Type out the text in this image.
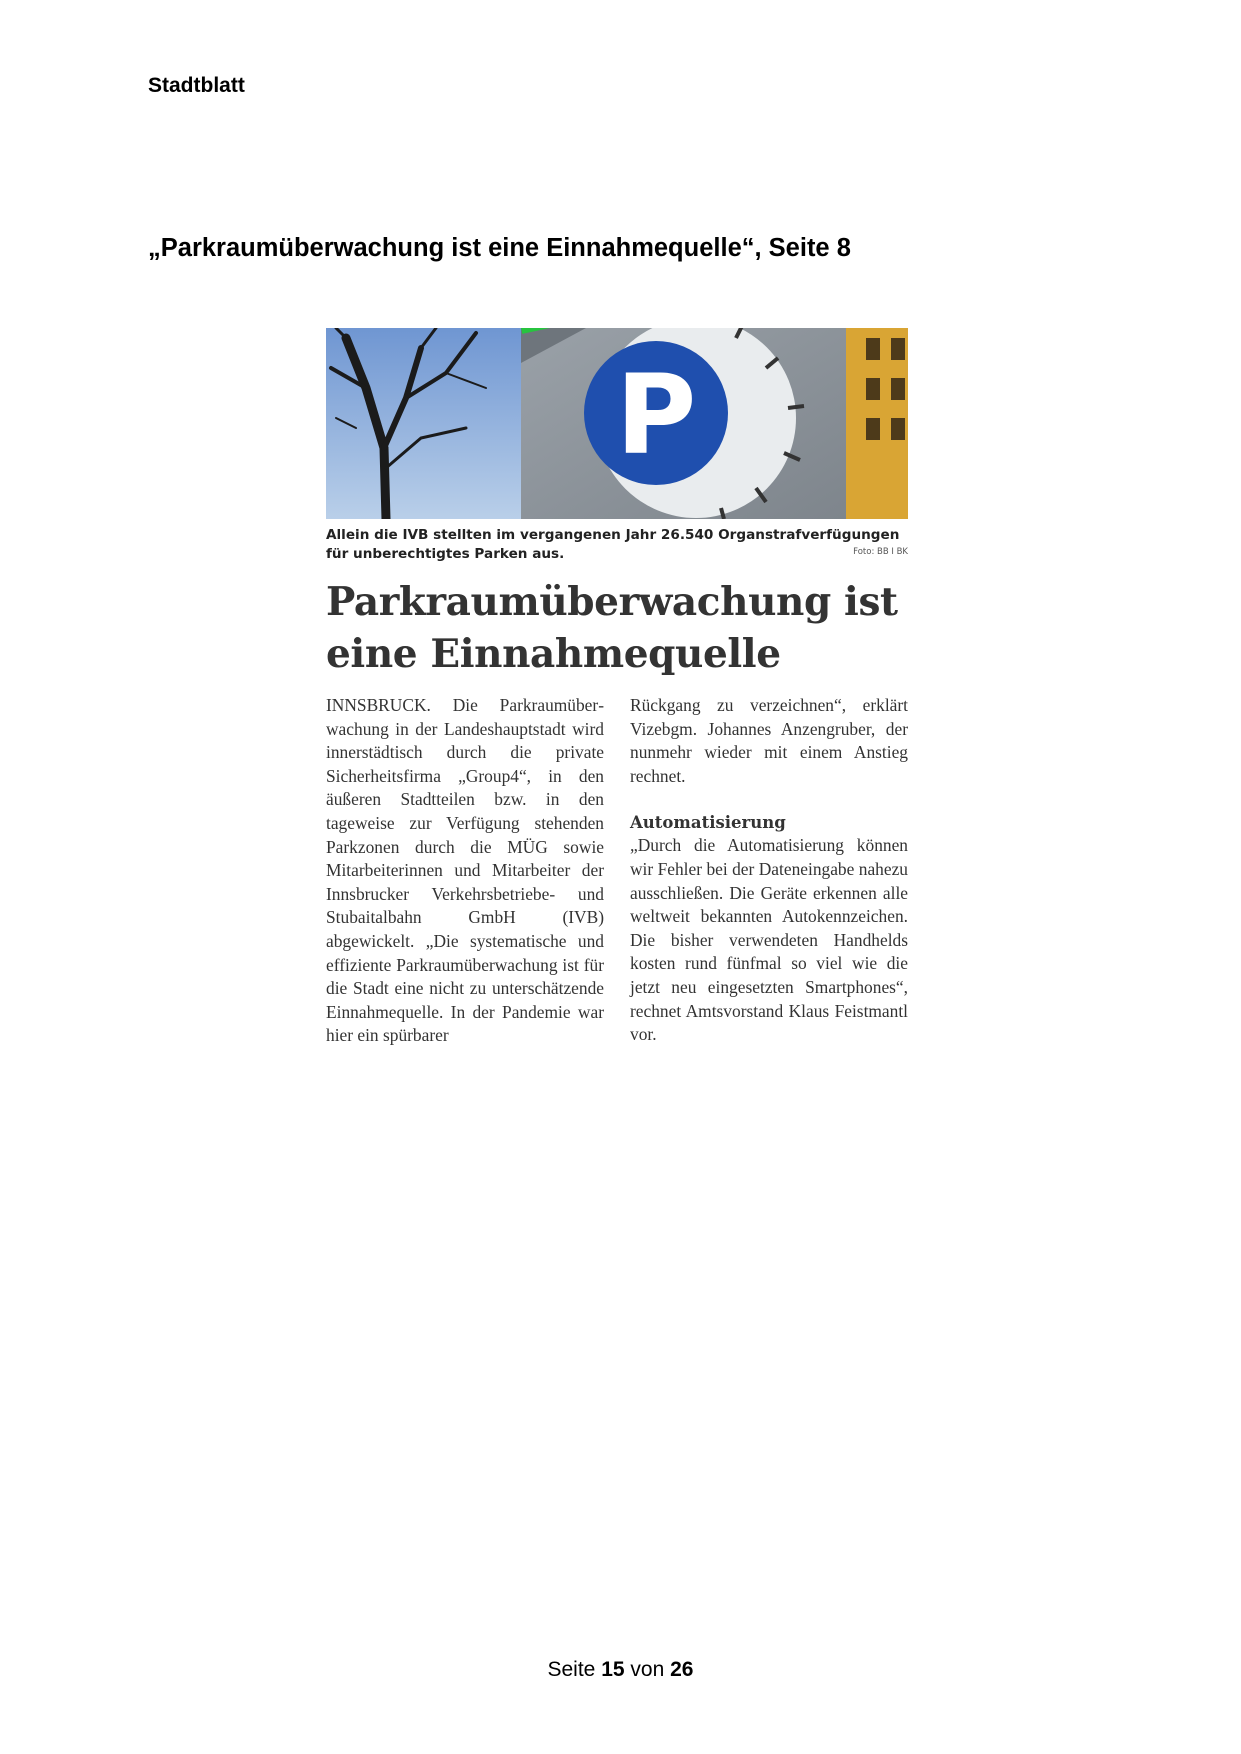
Stadtblatt
„Parkraumüberwachung ist eine Einnahmequelle“, Seite 8
P
Allein die IVB stellten im vergangenen Jahr 26.540 Organstrafverfügungen für unberechtigtes Parken aus.	Foto: BB I BK
Parkraumüberwachung ist eine Einnahmequelle

INNSBRUCK. Die Parkraumüberwachung in der Landeshauptstadt wird innerstädtisch durch die private Sicherheitsfirma „Group4“, in den äußeren Stadtteilen bzw. in den tageweise zur Verfügung stehenden Parkzonen durch die MÜG sowie Mitarbeiterinnen und Mitarbeiter der Innsbrucker Verkehrsbetriebe- und Stubaitalbahn GmbH (IVB) abgewickelt. „Die systematische und effiziente Parkraumüberwachung ist für die Stadt eine nicht zu unterschätzende Einnahmequelle. In der Pandemie war hier ein spürbarer

Rückgang zu verzeichnen“, erklärt Vizebgm. Johannes Anzengruber, der nunmehr wieder mit einem Anstieg rechnet.

Automatisierung

„Durch die Automatisierung können wir Fehler bei der Dateneingabe nahezu ausschließen. Die Geräte erkennen alle weltweit bekannten Autokennzeichen. Die bisher verwendeten Handhelds kosten rund fünfmal so viel wie die jetzt neu eingesetzten Smartphones“, rechnet Amtsvorstand Klaus Feistmantl vor.

Seite 15 von 26
